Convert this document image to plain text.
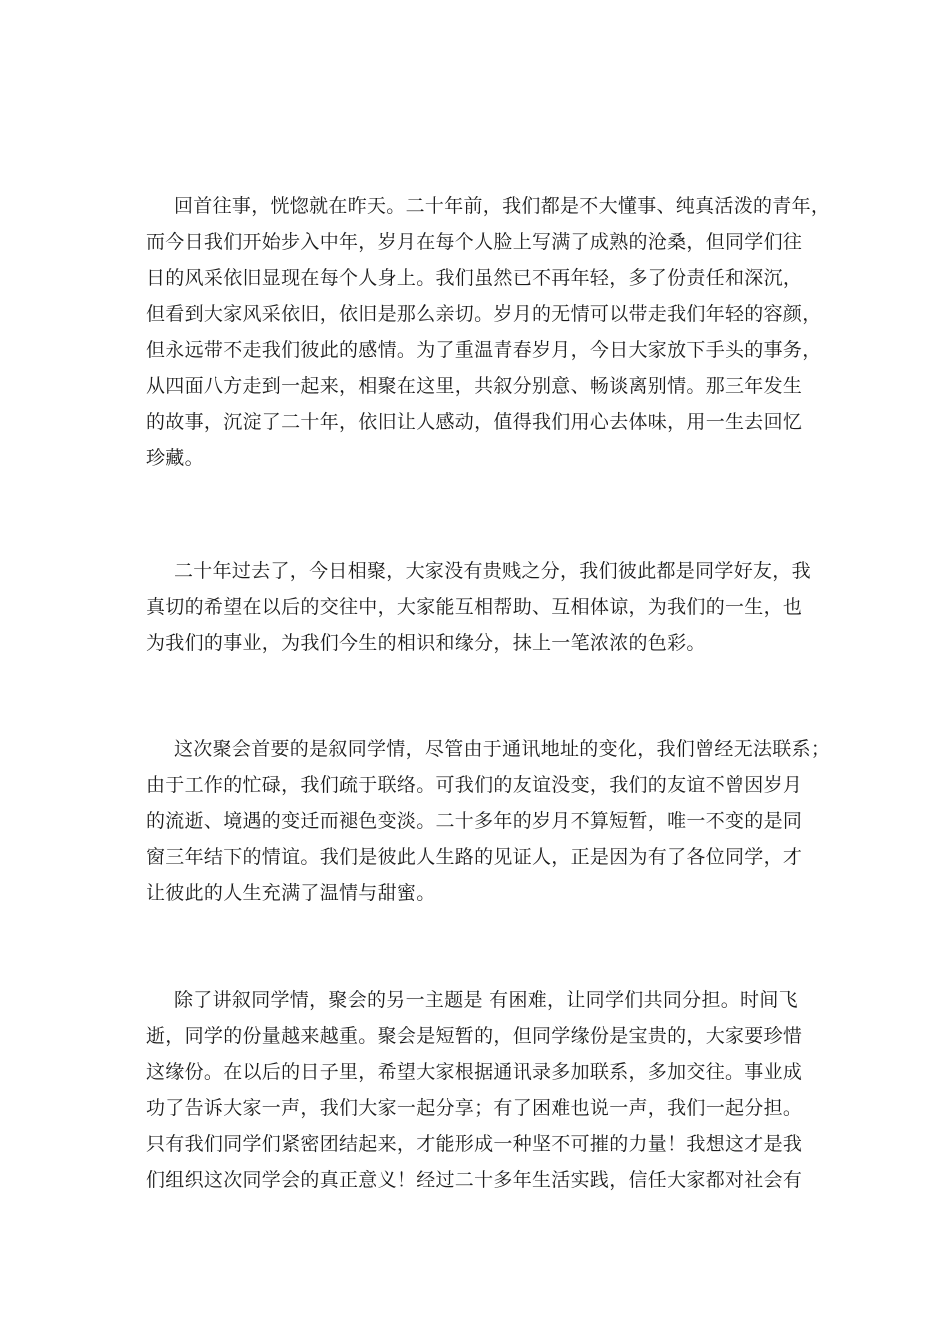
回首往事，恍惚就在昨天。二十年前，我们都是不大懂事、纯真活泼的青年，
而今日我们开始步入中年，岁月在每个人脸上写满了成熟的沧桑，但同学们往
日的风采依旧显现在每个人身上。我们虽然已不再年轻，多了份责任和深沉，
但看到大家风采依旧，依旧是那么亲切。岁月的无情可以带走我们年轻的容颜，
但永远带不走我们彼此的感情。为了重温青春岁月，今日大家放下手头的事务，
从四面八方走到一起来，相聚在这里，共叙分别意、畅谈离别情。那三年发生
的故事，沉淀了二十年，依旧让人感动，值得我们用心去体味，用一生去回忆
珍藏。
二十年过去了，今日相聚，大家没有贵贱之分，我们彼此都是同学好友，我
真切的希望在以后的交往中，大家能互相帮助、互相体谅，为我们的一生，也
为我们的事业，为我们今生的相识和缘分，抹上一笔浓浓的色彩。
这次聚会首要的是叙同学情，尽管由于通讯地址的变化，我们曾经无法联系；
由于工作的忙碌，我们疏于联络。可我们的友谊没变，我们的友谊不曾因岁月
的流逝、境遇的变迁而褪色变淡。二十多年的岁月不算短暂，唯一不变的是同
窗三年结下的情谊。我们是彼此人生路的见证人，正是因为有了各位同学，才
让彼此的人生充满了温情与甜蜜。
除了讲叙同学情，聚会的另一主题是 有困难，让同学们共同分担。时间飞
逝，同学的份量越来越重。聚会是短暂的，但同学缘份是宝贵的，大家要珍惜
这缘份。在以后的日子里，希望大家根据通讯录多加联系，多加交往。事业成
功了告诉大家一声，我们大家一起分享；有了困难也说一声，我们一起分担。
只有我们同学们紧密团结起来，才能形成一种坚不可摧的力量！我想这才是我
们组织这次同学会的真正意义！经过二十多年生活实践，信任大家都对社会有
